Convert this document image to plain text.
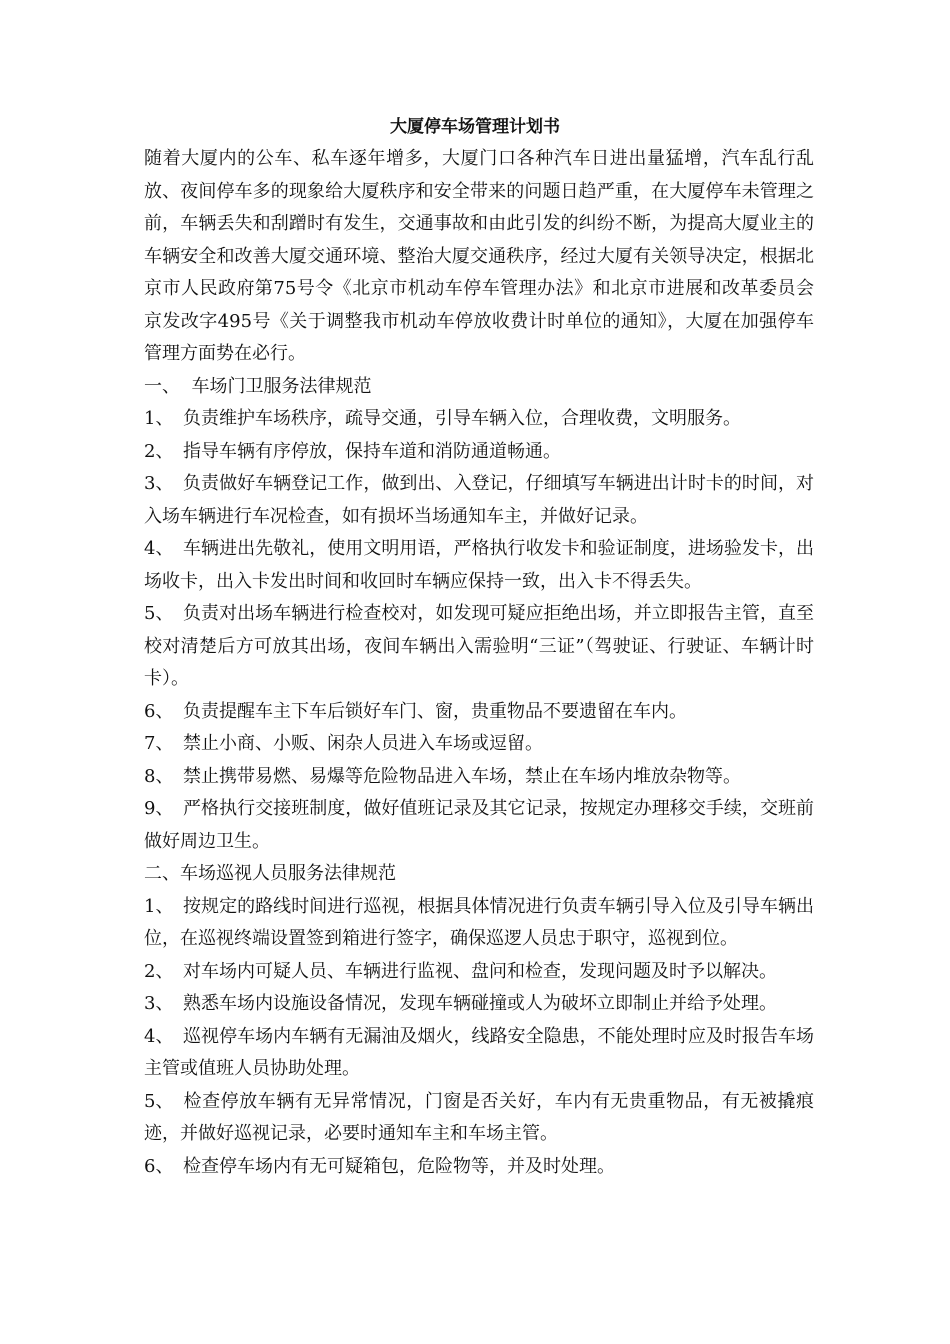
大厦停车场管理计划书

随着大厦内的公车、私车逐年增多，大厦门口各种汽车日进出量猛增，汽车乱行乱放、夜间停车多的现象给大厦秩序和安全带来的问题日趋严重，在大厦停车未管理之前，车辆丢失和刮蹭时有发生，交通事故和由此引发的纠纷不断，为提高大厦业主的车辆安全和改善大厦交通环境、整治大厦交通秩序，经过大厦有关领导决定，根据北京市人民政府第75号令《北京市机动车停车管理办法》和北京市进展和改革委员会京发改字495号《关于调整我市机动车停放收费计时单位的通知》，大厦在加强停车管理方面势在必行。

一、  车场门卫服务法律规范

1、 负责维护车场秩序，疏导交通，引导车辆入位，合理收费，文明服务。

2、 指导车辆有序停放，保持车道和消防通道畅通。

3、 负责做好车辆登记工作，做到出、入登记，仔细填写车辆进出计时卡的时间，对入场车辆进行车况检查，如有损坏当场通知车主，并做好记录。

4、 车辆进出先敬礼，使用文明用语，严格执行收发卡和验证制度，进场验发卡，出场收卡，出入卡发出时间和收回时车辆应保持一致，出入卡不得丢失。

5、 负责对出场车辆进行检查校对，如发现可疑应拒绝出场，并立即报告主管，直至校对清楚后方可放其出场，夜间车辆出入需验明“三证”（驾驶证、行驶证、车辆计时卡）。

6、 负责提醒车主下车后锁好车门、窗，贵重物品不要遗留在车内。

7、 禁止小商、小贩、闲杂人员进入车场或逗留。

8、 禁止携带易燃、易爆等危险物品进入车场，禁止在车场内堆放杂物等。

9、 严格执行交接班制度，做好值班记录及其它记录，按规定办理移交手续，交班前做好周边卫生。

二、车场巡视人员服务法律规范

1、 按规定的路线时间进行巡视，根据具体情况进行负责车辆引导入位及引导车辆出位，在巡视终端设置签到箱进行签字，确保巡逻人员忠于职守，巡视到位。

2、 对车场内可疑人员、车辆进行监视、盘问和检查，发现问题及时予以解决。

3、 熟悉车场内设施设备情况，发现车辆碰撞或人为破坏立即制止并给予处理。

4、 巡视停车场内车辆有无漏油及烟火，线路安全隐患，不能处理时应及时报告车场主管或值班人员协助处理。

5、 检查停放车辆有无异常情况，门窗是否关好，车内有无贵重物品，有无被撬痕迹，并做好巡视记录，必要时通知车主和车场主管。

6、 检查停车场内有无可疑箱包，危险物等，并及时处理。
